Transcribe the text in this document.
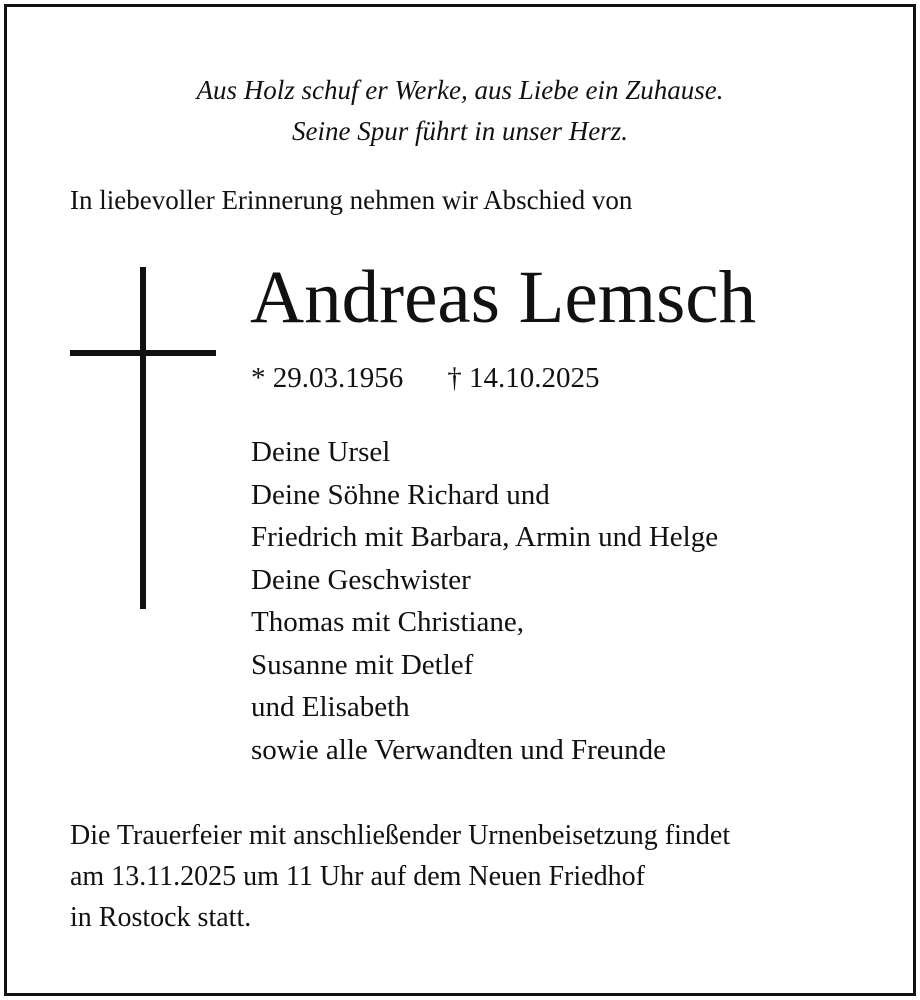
Aus Holz schuf er Werke, aus Liebe ein Zuhause.
Seine Spur führt in unser Herz.
In liebevoller Erinnerung nehmen wir Abschied von
Andreas Lemsch
* 29.03.1956 † 14.10.2025
Deine Ursel
Deine Söhne Richard und
Friedrich mit Barbara, Armin und Helge
Deine Geschwister
Thomas mit Christiane,
Susanne mit Detlef
und Elisabeth
sowie alle Verwandten und Freunde
Die Trauerfeier mit anschließender Urnenbeisetzung findet
am 13.11.2025 um 11 Uhr auf dem Neuen Friedhof
in Rostock statt.
